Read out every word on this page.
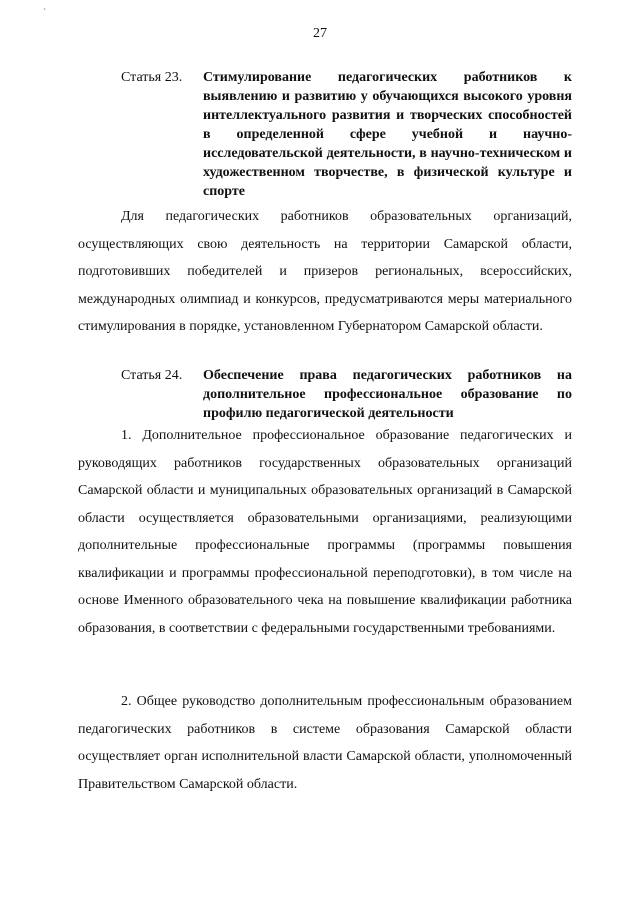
`
27
Статья 23.	Стимулирование педагогических работников к выявлению и развитию у обучающихся высокого уровня интеллектуального развития и творческих способностей в определенной сфере учебной и научно-исследовательской деятельности, в научно-техническом и художественном творчестве, в физической культуре и спорте
Для педагогических работников образовательных организаций, осуществляющих свою деятельность на территории Самарской области, подготовивших победителей и призеров региональных, всероссийских, международных олимпиад и конкурсов, предусматриваются меры материального стимулирования в порядке, установленном Губернатором Самарской области.
Статья 24.	Обеспечение права педагогических работников на дополнительное профессиональное образование по профилю педагогической деятельности
1. Дополнительное профессиональное образование педагогических и руководящих работников государственных образовательных организаций Самарской области и муниципальных образовательных организаций в Самарской области осуществляется образовательными организациями, реализующими дополнительные профессиональные программы (программы повышения квалификации и программы профессиональной переподготовки), в том числе на основе Именного образовательного чека на повышение квалификации работника образования, в соответствии с федеральными государственными требованиями.
2. Общее руководство дополнительным профессиональным образованием педагогических работников в системе образования Самарской области осуществляет орган исполнительной власти Самарской области, уполномоченный Правительством Самарской области.
